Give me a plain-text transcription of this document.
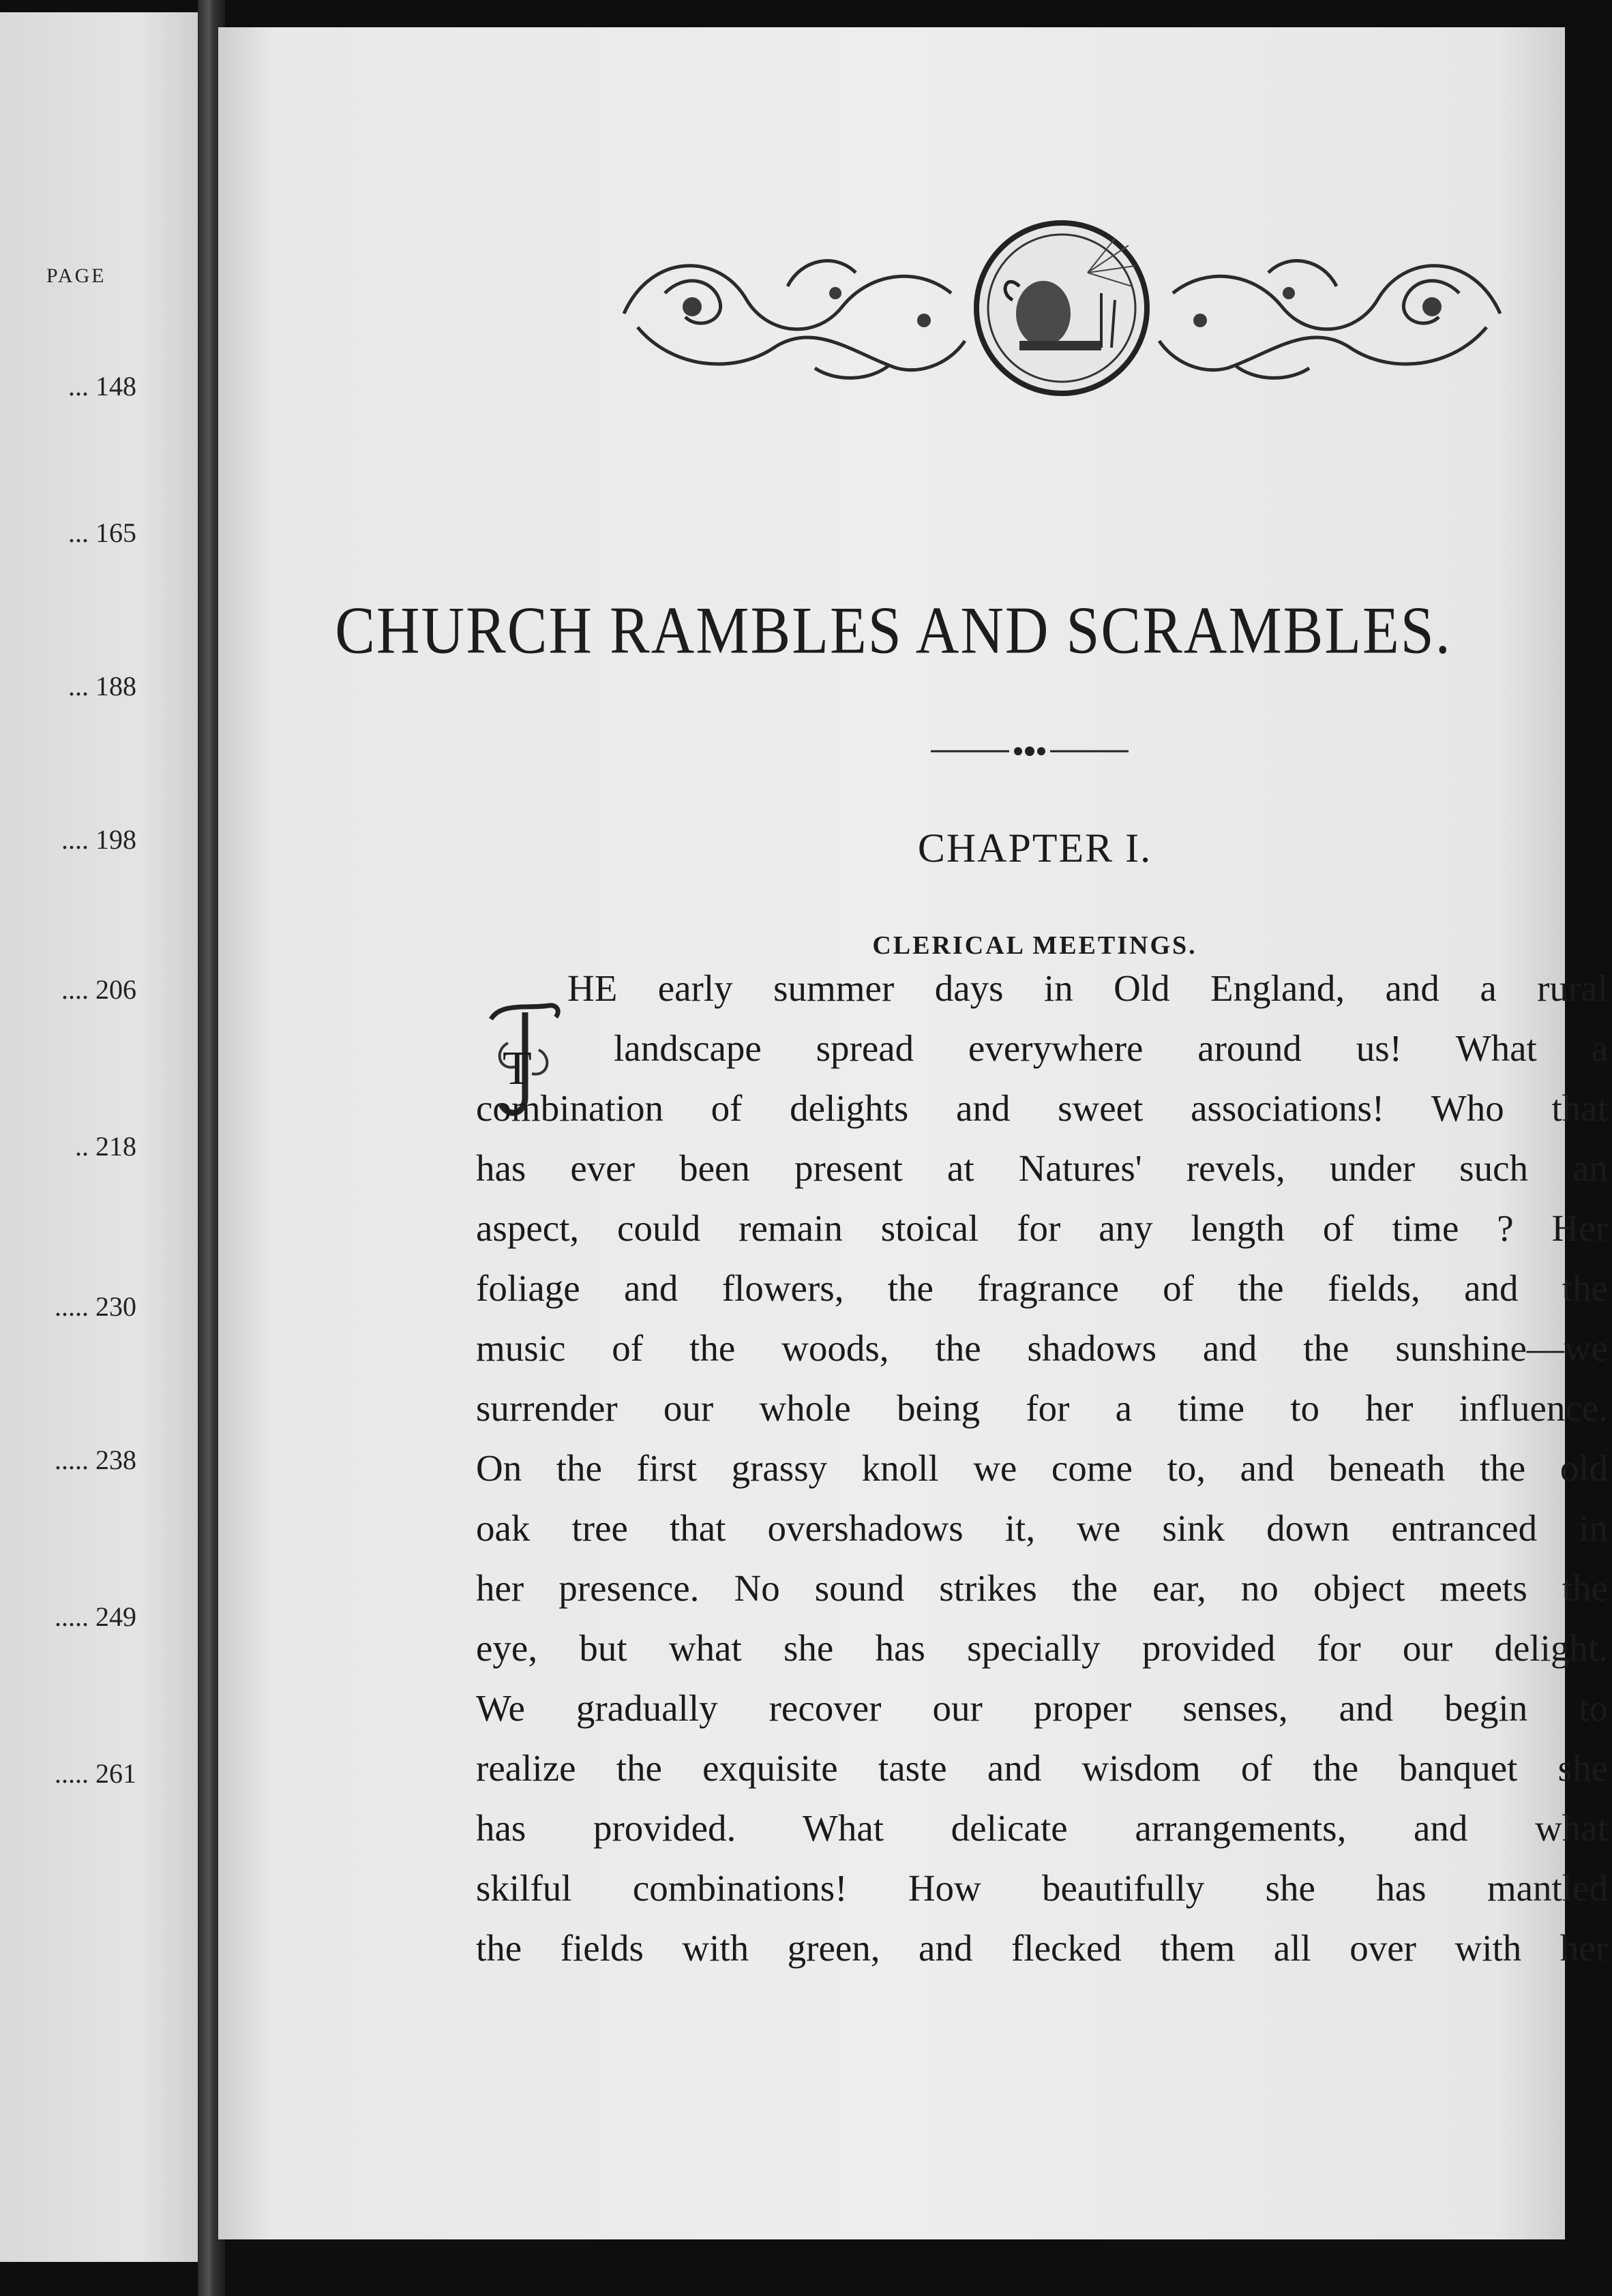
PAGE
... 148
... 165
... 188
.... 198
.... 206
.. 218
..... 230
..... 238
..... 249
..... 261
CHURCH RAMBLES AND SCRAMBLES.
CHAPTER I.
CLERICAL MEETINGS.
T
HE early summer days in Old England, and a rural
landscape spread everywhere around us! What a
combination of delights and sweet associations! Who that
has ever been present at Natures' revels, under such an
aspect, could remain stoical for any length of time ? Her
foliage and flowers, the fragrance of the fields, and the
music of the woods, the shadows and the sunshine—we
surrender our whole being for a time to her influence.
On the first grassy knoll we come to, and beneath the old
oak tree that overshadows it, we sink down entranced in
her presence. No sound strikes the ear, no object meets the
eye, but what she has specially provided for our delight.
We gradually recover our proper senses, and begin to
realize the exquisite taste and wisdom of the banquet she
has provided. What delicate arrangements, and what
skilful combinations! How beautifully she has mantled
the fields with green, and flecked them all over with her
